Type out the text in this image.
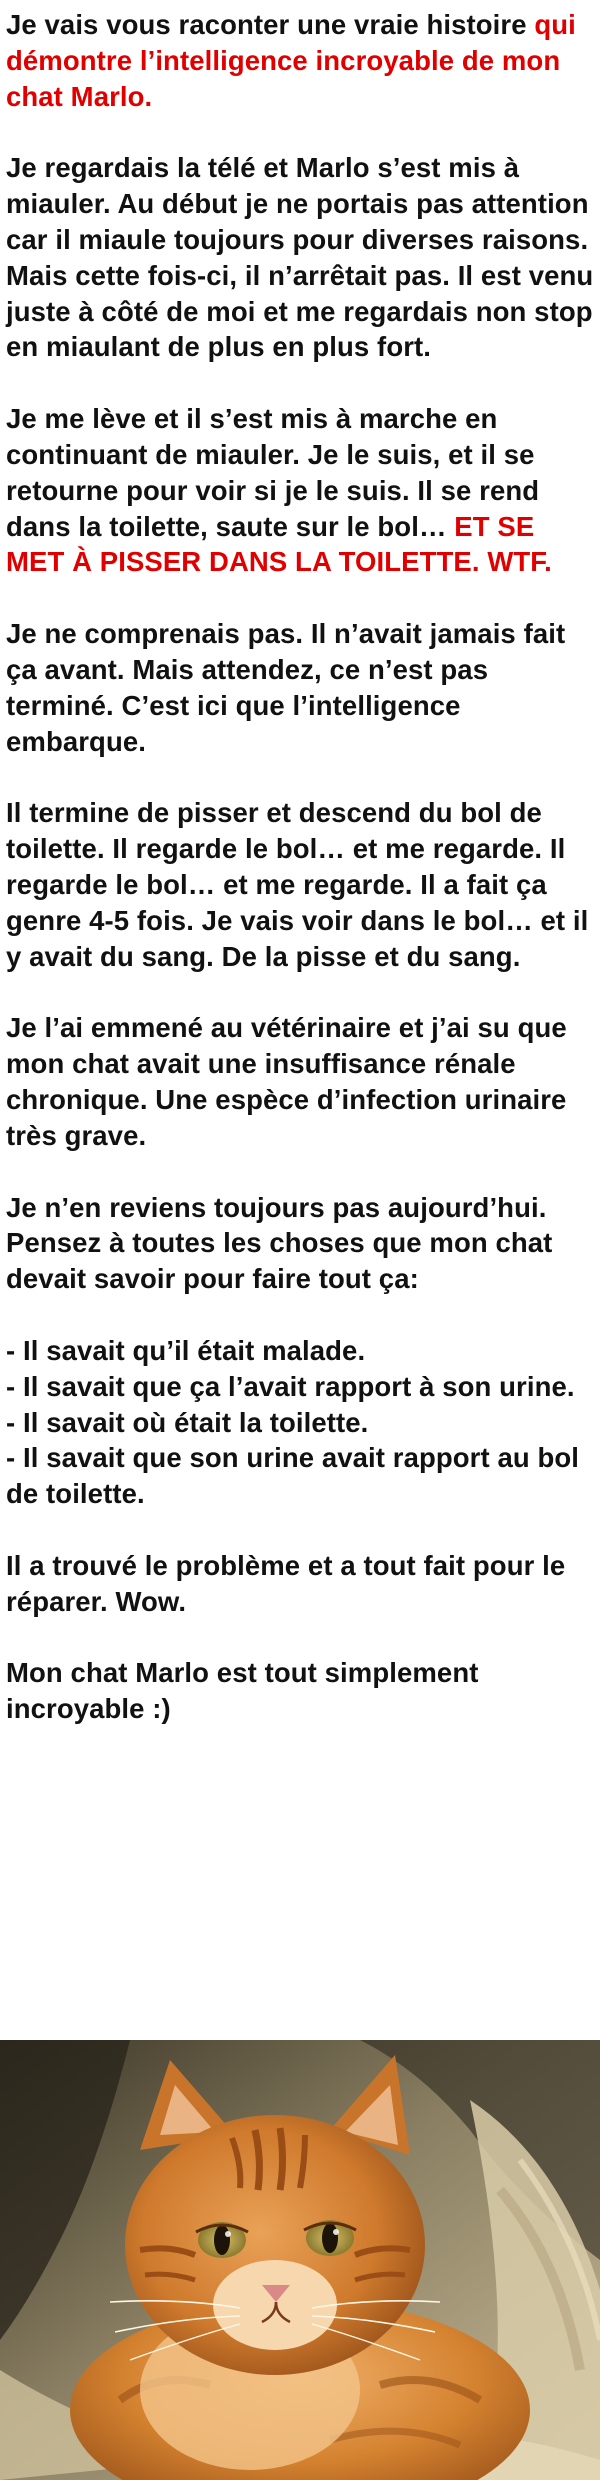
Je vais vous raconter une vraie histoire qui démontre l’intelligence incroyable de mon chat Marlo.

Je regardais la télé et Marlo s’est mis à miauler. Au début je ne portais pas attention car il miaule toujours pour diverses raisons. Mais cette fois-ci, il n’arrêtait pas. Il est venu juste à côté de moi et me regardais non stop en miaulant de plus en plus fort.

Je me lève et il s’est mis à marche en continuant de miauler. Je le suis, et il se retourne pour voir si je le suis. Il se rend dans la toilette, saute sur le bol… ET SE MET À PISSER DANS LA TOILETTE. WTF.

Je ne comprenais pas. Il n’avait jamais fait ça avant. Mais attendez, ce n’est pas terminé. C’est ici que l’intelligence embarque.

Il termine de pisser et descend du bol de toilette. Il regarde le bol… et me regarde. Il regarde le bol… et me regarde. Il a fait ça genre 4-5 fois. Je vais voir dans le bol… et il y avait du sang. De la pisse et du sang.

Je l’ai emmené au vétérinaire et j’ai su que mon chat avait une insuffisance rénale chronique. Une espèce d’infection urinaire très grave.

Je n’en reviens toujours pas aujourd’hui. Pensez à toutes les choses que mon chat devait savoir pour faire tout ça:

- Il savait qu’il était malade.

- Il savait que ça l’avait rapport à son urine.

- Il savait où était la toilette.

- Il savait que son urine avait rapport au bol de toilette.

Il a trouvé le problème et a tout fait pour le réparer. Wow.

Mon chat Marlo est tout simplement incroyable :)
